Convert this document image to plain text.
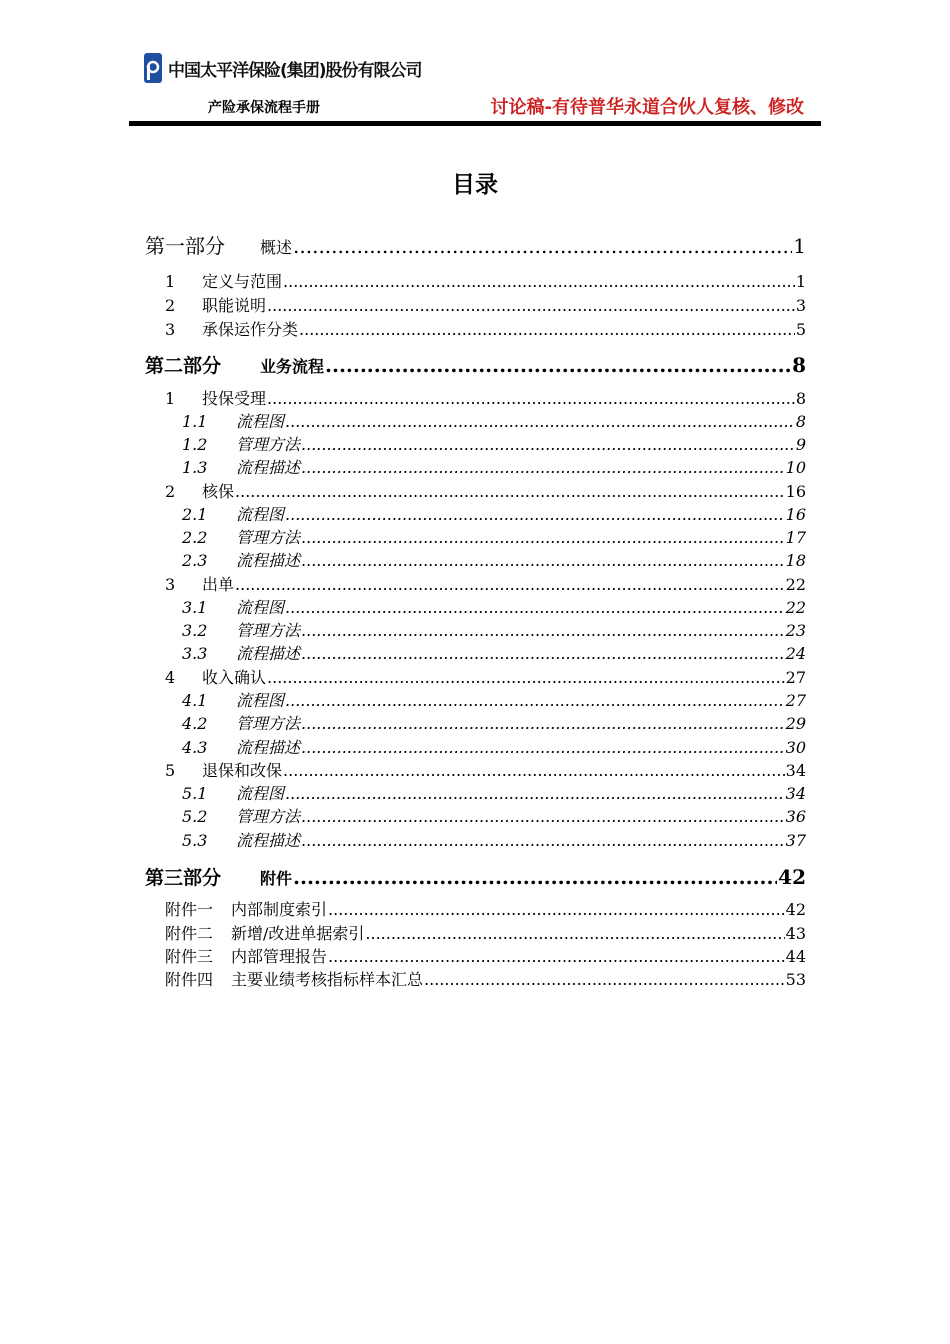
中国太平洋保险(集团)股份有限公司
产险承保流程手册	讨论稿-有待普华永道合伙人复核、修改
目录
第一部分	概述 .....	1
1	定义与范围 .....	1
2	职能说明 .....	3
3	承保运作分类 .....	5
第二部分	业务流程 .....	8
1	投保受理 .....	8
1.1	流程图 .....	8
1.2	管理方法 .....	9
1.3	流程描述 .....	10
2	核保 .....	16
2.1	流程图 .....	16
2.2	管理方法 .....	17
2.3	流程描述 .....	18
3	出单 .....	22
3.1	流程图 .....	22
3.2	管理方法 .....	23
3.3	流程描述 .....	24
4	收入确认 .....	27
4.1	流程图 .....	27
4.2	管理方法 .....	29
4.3	流程描述 .....	30
5	退保和改保 .....	34
5.1	流程图 .....	34
5.2	管理方法 .....	36
5.3	流程描述 .....	37
第三部分	附件 .....	42
附件一	内部制度索引 .....	42
附件二	新增/改进单据索引 .....	43
附件三	内部管理报告 .....	44
附件四	主要业绩考核指标样本汇总 .....	53
